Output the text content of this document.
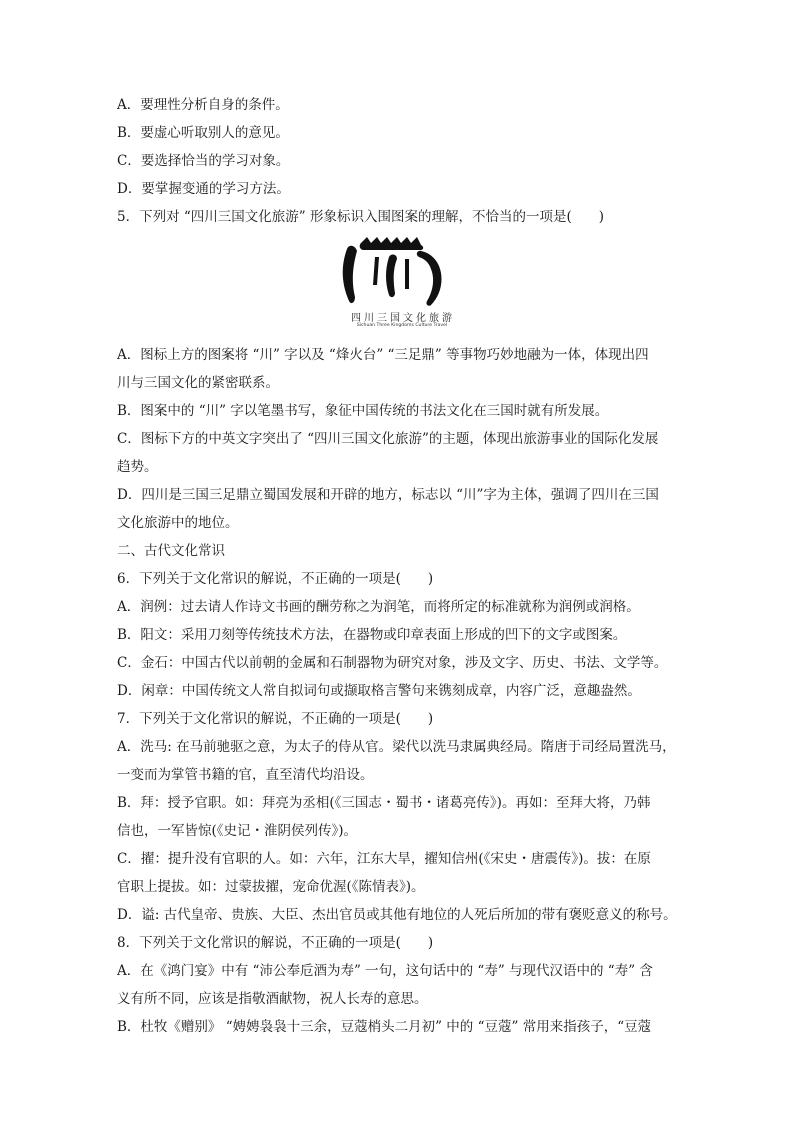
A．要理性分析自身的条件。
B．要虚心听取别人的意见。
C．要选择恰当的学习对象。
D．要掌握变通的学习方法。
5．下列对 “四川三国文化旅游” 形象标识入围图案的理解，不恰当的一项是(　　)
四川三国文化旅游
Sichuan Three Kingdoms Culture Travel
A．图标上方的图案将 “川” 字以及 “烽火台” “三足鼎” 等事物巧妙地融为一体，体现出四
川与三国文化的紧密联系。
B．图案中的 “川” 字以笔墨书写，象征中国传统的书法文化在三国时就有所发展。
C．图标下方的中英文字突出了 “四川三国文化旅游”的主题，体现出旅游事业的国际化发展
趋势。
D．四川是三国三足鼎立蜀国发展和开辟的地方，标志以 “川”字为主体，强调了四川在三国
文化旅游中的地位。
二、古代文化常识
6．下列关于文化常识的解说，不正确的一项是(　　)
A．润例：过去请人作诗文书画的酬劳称之为润笔，而将所定的标准就称为润例或润格。
B．阳文：采用刀刻等传统技术方法，在器物或印章表面上形成的凹下的文字或图案。
C．金石：中国古代以前朝的金属和石制器物为研究对象，涉及文字、历史、书法、文学等。
D．闲章：中国传统文人常自拟词句或撷取格言警句来镌刻成章，内容广泛，意趣盎然。
7．下列关于文化常识的解说，不正确的一项是(　　)
A．洗马: 在马前驰驱之意，为太子的侍从官。梁代以洗马隶属典经局。隋唐于司经局置洗马，
一变而为掌管书籍的官，直至清代均沿设。
B．拜：授予官职。如：拜亮为丞相(《三国志・蜀书・诸葛亮传》)。再如：至拜大将，乃韩
信也，一军皆惊(《史记・淮阴侯列传》)。
C．擢：提升没有官职的人。如：六年，江东大旱，擢知信州(《宋史・唐震传》)。拔：在原
官职上提拔。如：过蒙拔擢，宠命优渥(《陈情表》)。
D．谥: 古代皇帝、贵族、大臣、杰出官员或其他有地位的人死后所加的带有褒贬意义的称号。
8．下列关于文化常识的解说，不正确的一项是(　　)
A．在《鸿门宴》中有 “沛公奉卮酒为寿” 一句，这句话中的 “寿” 与现代汉语中的 “寿” 含
义有所不同，应该是指敬酒献物，祝人长寿的意思。
B．杜牧《赠别》 “娉娉袅袅十三余，豆蔻梢头二月初” 中的 “豆蔻” 常用来指孩子，“豆蔻
